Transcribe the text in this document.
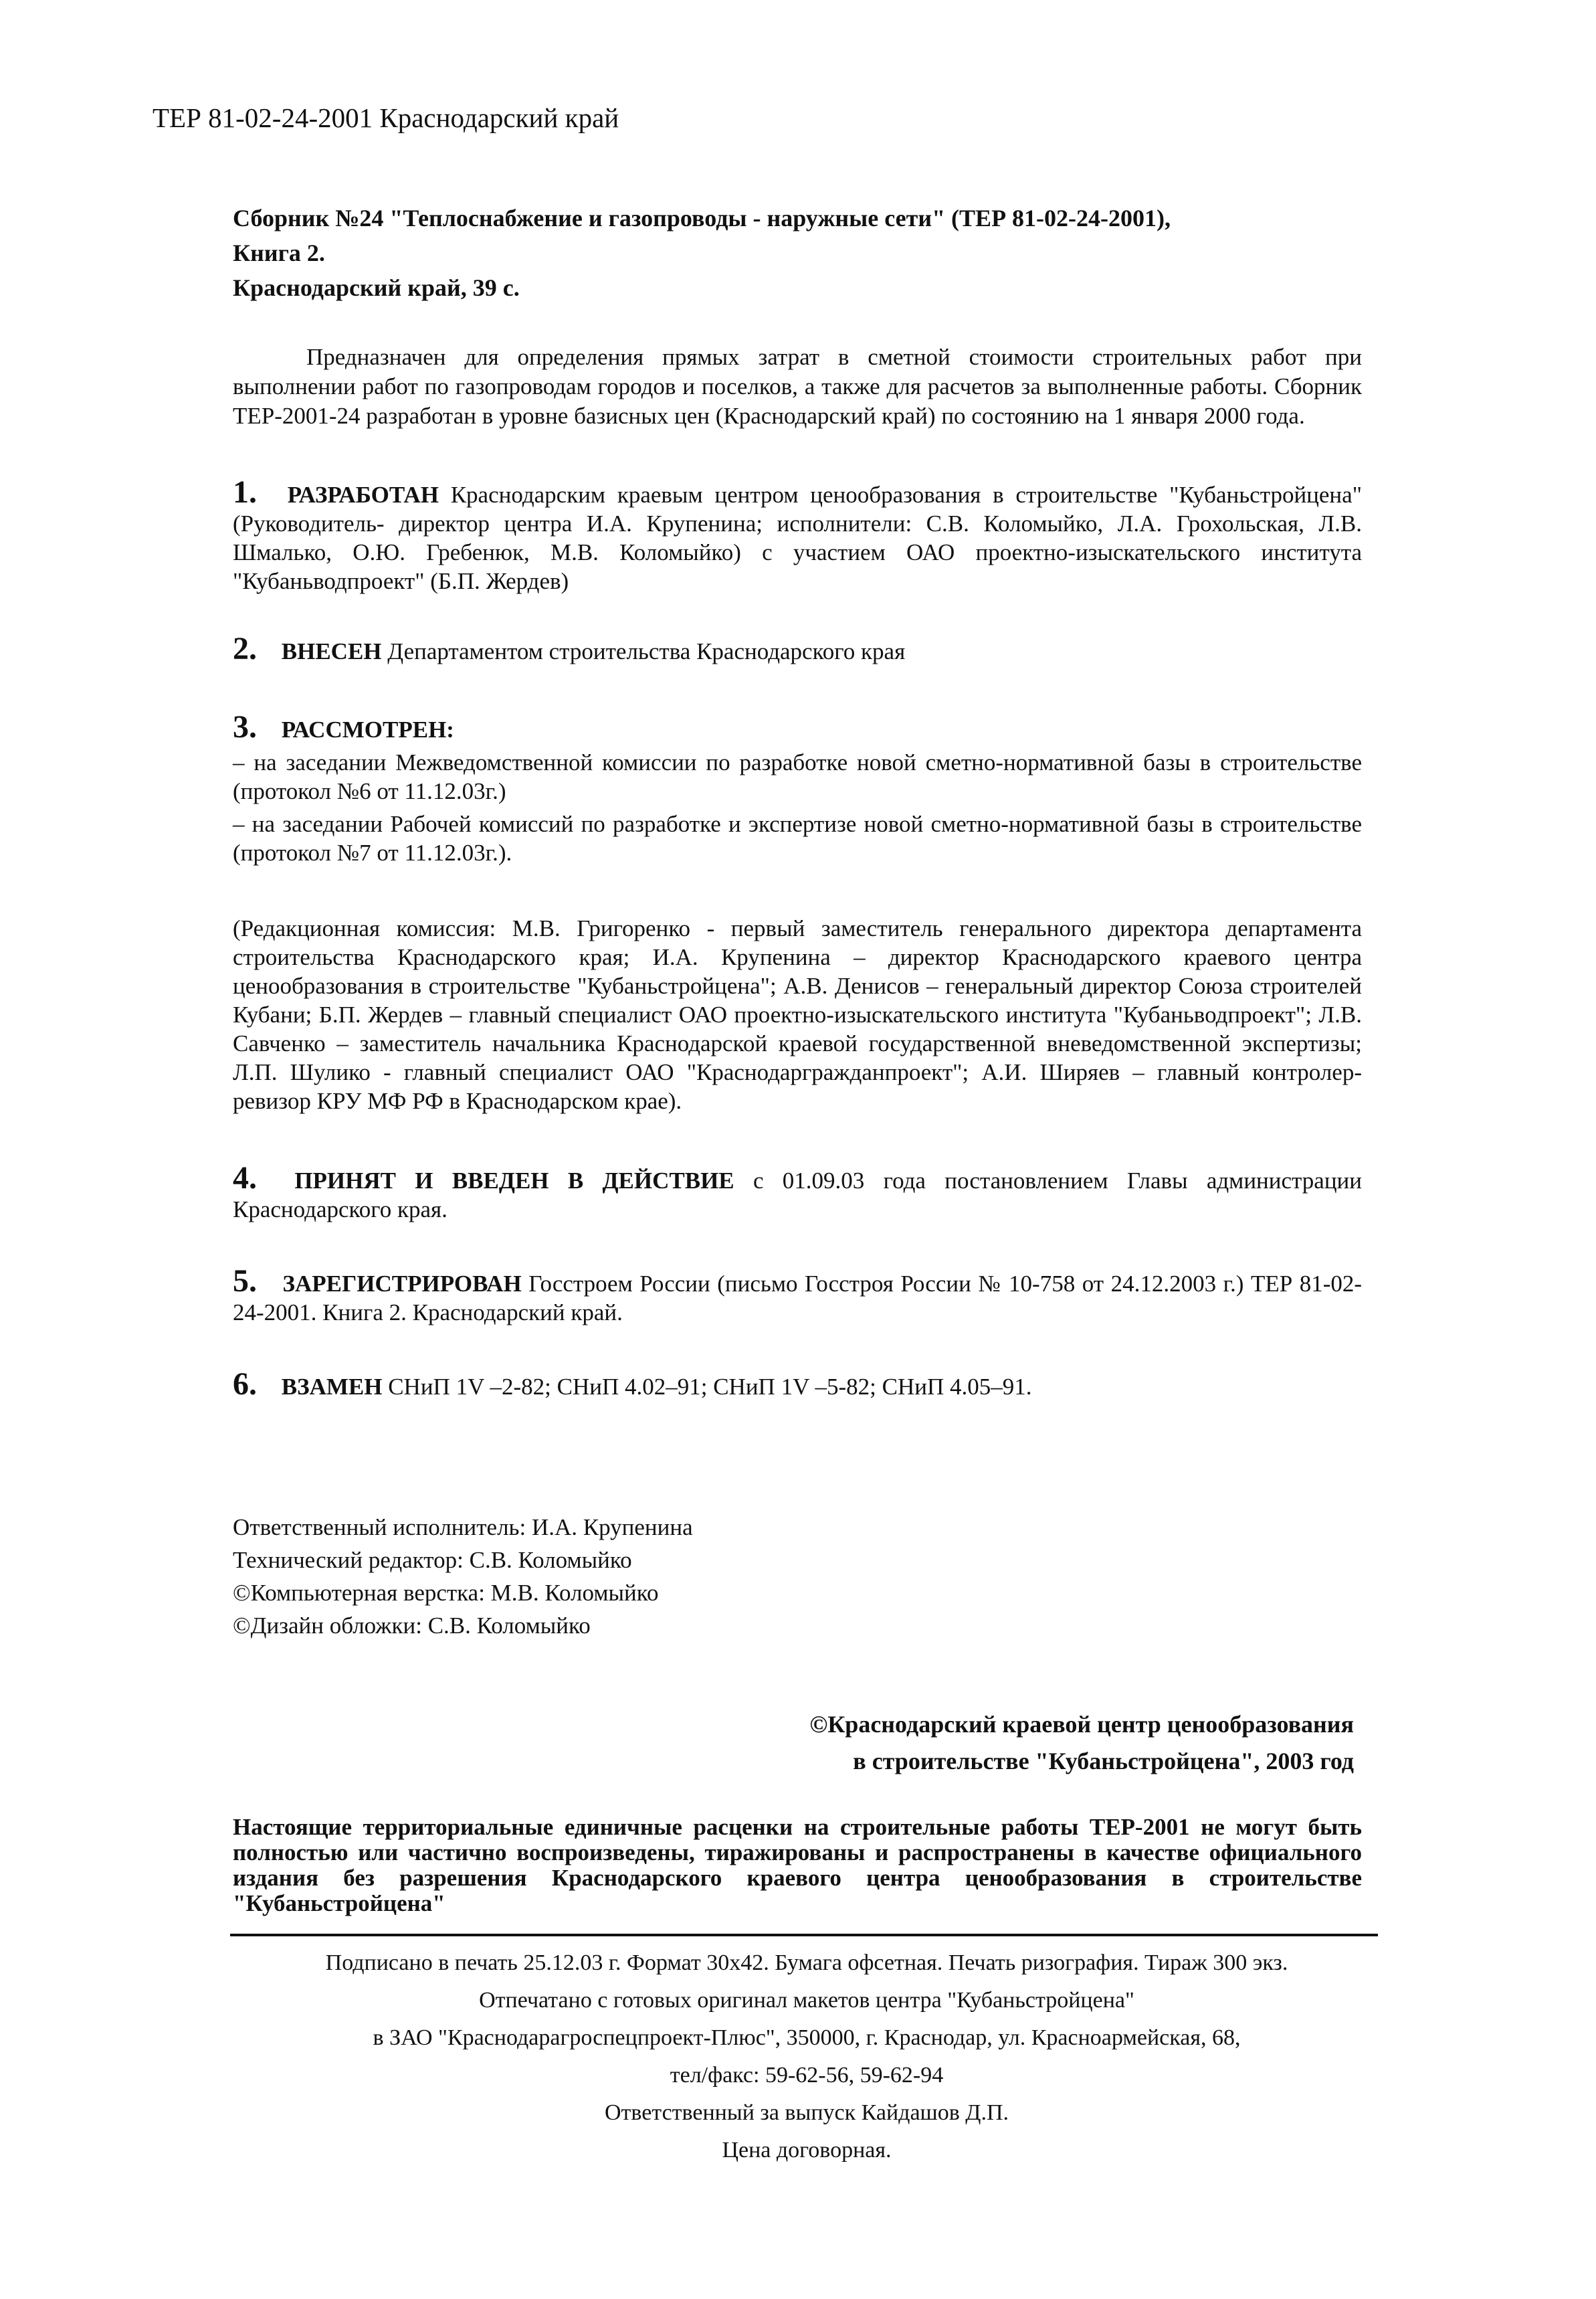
ТЕР 81-02-24-2001 Краснодарский край
Сборник №24 "Теплоснабжение и газопроводы - наружные сети" (ТЕР 81-02-24-2001),
Книга 2.
Краснодарский край, 39 с.

Предназначен для определения прямых затрат в сметной стоимости строительных работ при выполнении работ по газопроводам городов и поселков, а также для расчетов за выполненные работы. Сборник ТЕР-2001-24 разработан в уровне базисных цен (Краснодарский край) по состоянию на 1 января 2000 года.

1. РАЗРАБОТАН Краснодарским краевым центром ценообразования в строительстве "Кубаньстройцена" (Руководитель- директор центра И.А. Крупенина; исполнители: С.В. Коломыйко, Л.А. Грохольская, Л.В. Шмалько, О.Ю. Гребенюк, М.В. Коломыйко) с участием ОАО проектно-изыскательского института "Кубаньводпроект" (Б.П. Жердев)
2. ВНЕСЕН Департаментом строительства Краснодарского края
3. РАССМОТРЕН:

– на заседании Межведомственной комиссии по разработке новой сметно-нормативной базы в строительстве (протокол №6 от 11.12.03г.)

– на заседании Рабочей комиссий по разработке и экспертизе новой сметно-нормативной базы в строительстве (протокол №7 от 11.12.03г.).

(Редакционная комиссия: М.В. Григоренко - первый заместитель генерального директора департамента строительства Краснодарского края; И.А. Крупенина – директор Краснодарского краевого центра ценообразования в строительстве "Кубаньстройцена"; А.В. Денисов – генеральный директор Союза строителей Кубани; Б.П. Жердев – главный специалист ОАО проектно-изыскательского института "Кубаньводпроект"; Л.В. Савченко – заместитель начальника Краснодарской краевой государственной вневедомственной экспертизы; Л.П. Шулико - главный специалист ОАО "Краснодаргражданпроект"; А.И. Ширяев – главный контролер-ревизор КРУ МФ РФ в Краснодарском крае).

4. ПРИНЯТ И ВВЕДЕН В ДЕЙСТВИЕ с 01.09.03 года постановлением Главы администрации Краснодарского края.
5. ЗАРЕГИСТРИРОВАН Госстроем России (письмо Госстроя России № 10-758 от 24.12.2003 г.) ТЕР 81-02-24-2001. Книга 2. Краснодарский край.
6. ВЗАМЕН СНиП 1V –2-82; СНиП 4.02–91; СНиП 1V –5-82; СНиП 4.05–91.
Ответственный исполнитель: И.А. Крупенина
Технический редактор: С.В. Коломыйко
©Компьютерная верстка: М.В. Коломыйко
©Дизайн обложки: С.В. Коломыйко
©Краснодарский краевой центр ценообразования
в строительстве "Кубаньстройцена", 2003 год

Настоящие территориальные единичные расценки на строительные работы ТЕР-2001 не могут быть полностью или частично воспроизведены, тиражированы и распространены в качестве официального издания без разрешения Краснодарского краевого центра ценообразования в строительстве "Кубаньстройцена"

Подписано в печать 25.12.03 г. Формат 30х42. Бумага офсетная. Печать ризография. Тираж 300 экз.
Отпечатано с готовых оригинал макетов центра "Кубаньстройцена"
в ЗАО "Краснодарагроспецпроект-Плюс", 350000, г. Краснодар, ул. Красноармейская, 68,
тел/факс: 59-62-56, 59-62-94
Ответственный за выпуск Кайдашов Д.П.
Цена договорная.
